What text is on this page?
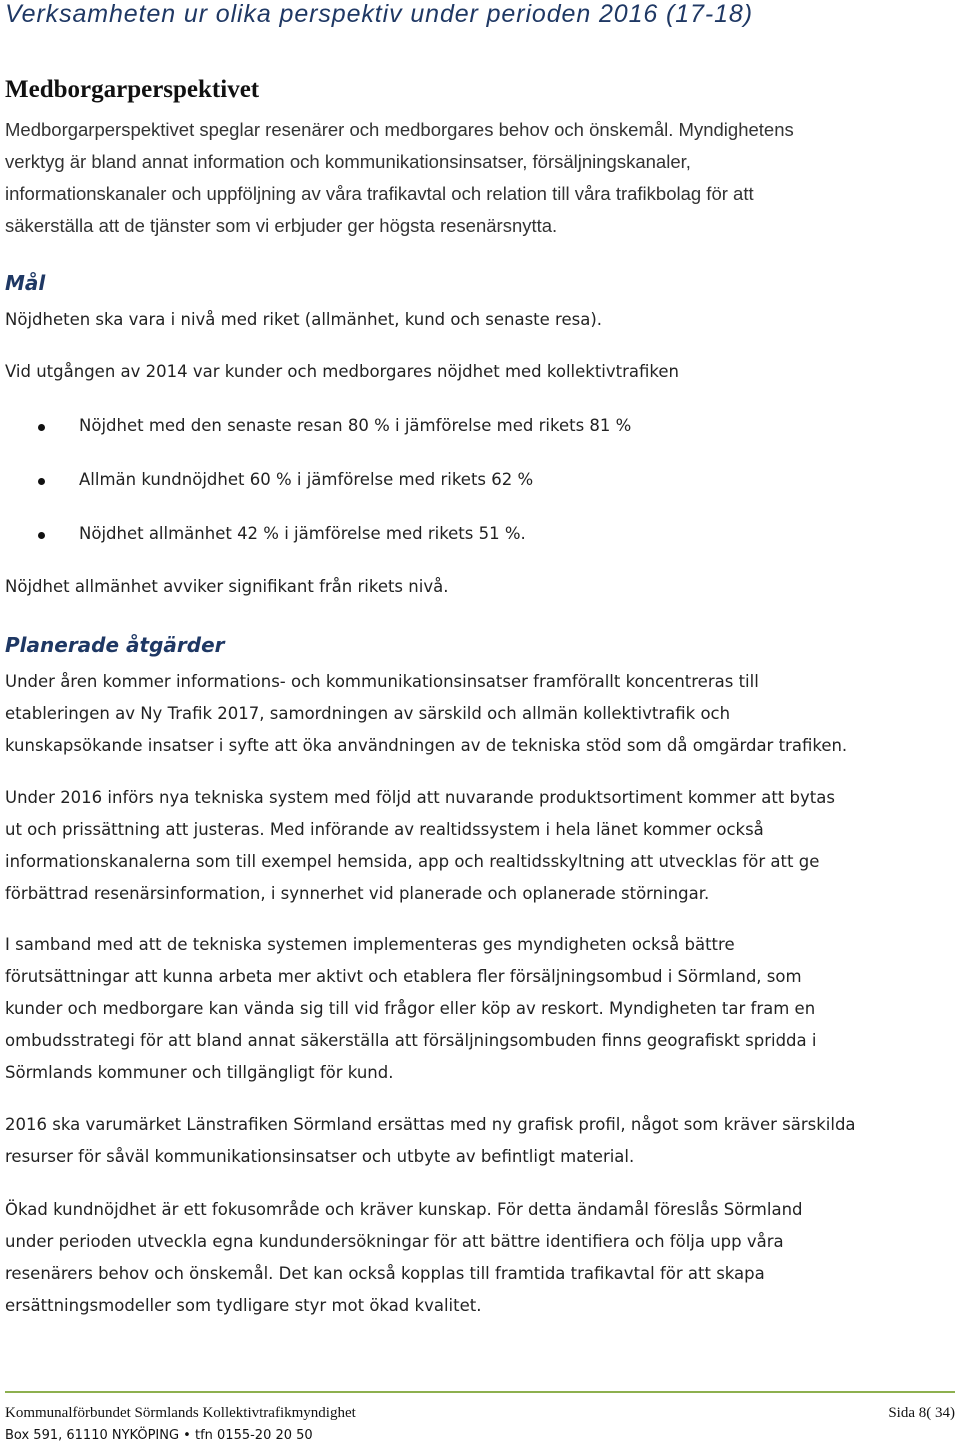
Verksamheten ur olika perspektiv under perioden 2016 (17-18)
Medborgarperspektivet
Medborgarperspektivet speglar resenärer och medborgares behov och önskemål. Myndighetens
verktyg är bland annat information och kommunikationsinsatser, försäljningskanaler,
informationskanaler och uppföljning av våra trafikavtal och relation till våra trafikbolag för att
säkerställa att de tjänster som vi erbjuder ger högsta resenärsnytta.
Mål
Nöjdheten ska vara i nivå med riket (allmänhet, kund och senaste resa).
Vid utgången av 2014 var kunder och medborgares nöjdhet med kollektivtrafiken
Nöjdhet med den senaste resan 80 % i jämförelse med rikets 81 %
Allmän kundnöjdhet 60 % i jämförelse med rikets 62 %
Nöjdhet allmänhet 42 % i jämförelse med rikets 51 %.
Nöjdhet allmänhet avviker signifikant från rikets nivå.
Planerade åtgärder
Under åren kommer informations- och kommunikationsinsatser framförallt koncentreras till
etableringen av Ny Trafik 2017, samordningen av särskild och allmän kollektivtrafik och
kunskapsökande insatser i syfte att öka användningen av de tekniska stöd som då omgärdar trafiken.
Under 2016 införs nya tekniska system med följd att nuvarande produktsortiment kommer att bytas
ut och prissättning att justeras. Med införande av realtidssystem i hela länet kommer också
informationskanalerna som till exempel hemsida, app och realtidsskyltning att utvecklas för att ge
förbättrad resenärsinformation, i synnerhet vid planerade och oplanerade störningar.
I samband med att de tekniska systemen implementeras ges myndigheten också bättre
förutsättningar att kunna arbeta mer aktivt och etablera fler försäljningsombud i Sörmland, som
kunder och medborgare kan vända sig till vid frågor eller köp av reskort. Myndigheten tar fram en
ombudsstrategi för att bland annat säkerställa att försäljningsombuden finns geografiskt spridda i
Sörmlands kommuner och tillgängligt för kund.
2016 ska varumärket Länstrafiken Sörmland ersättas med ny grafisk profil, något som kräver särskilda
resurser för såväl kommunikationsinsatser och utbyte av befintligt material.
Ökad kundnöjdhet är ett fokusområde och kräver kunskap. För detta ändamål föreslås Sörmland
under perioden utveckla egna kundundersökningar för att bättre identifiera och följa upp våra
resenärers behov och önskemål. Det kan också kopplas till framtida trafikavtal för att skapa
ersättningsmodeller som tydligare styr mot ökad kvalitet.
Kommunalförbundet Sörmlands Kollektivtrafikmyndighet	Sida 8( 34)
Box 591, 61110 NYKÖPING • tfn 0155-20 20 50
